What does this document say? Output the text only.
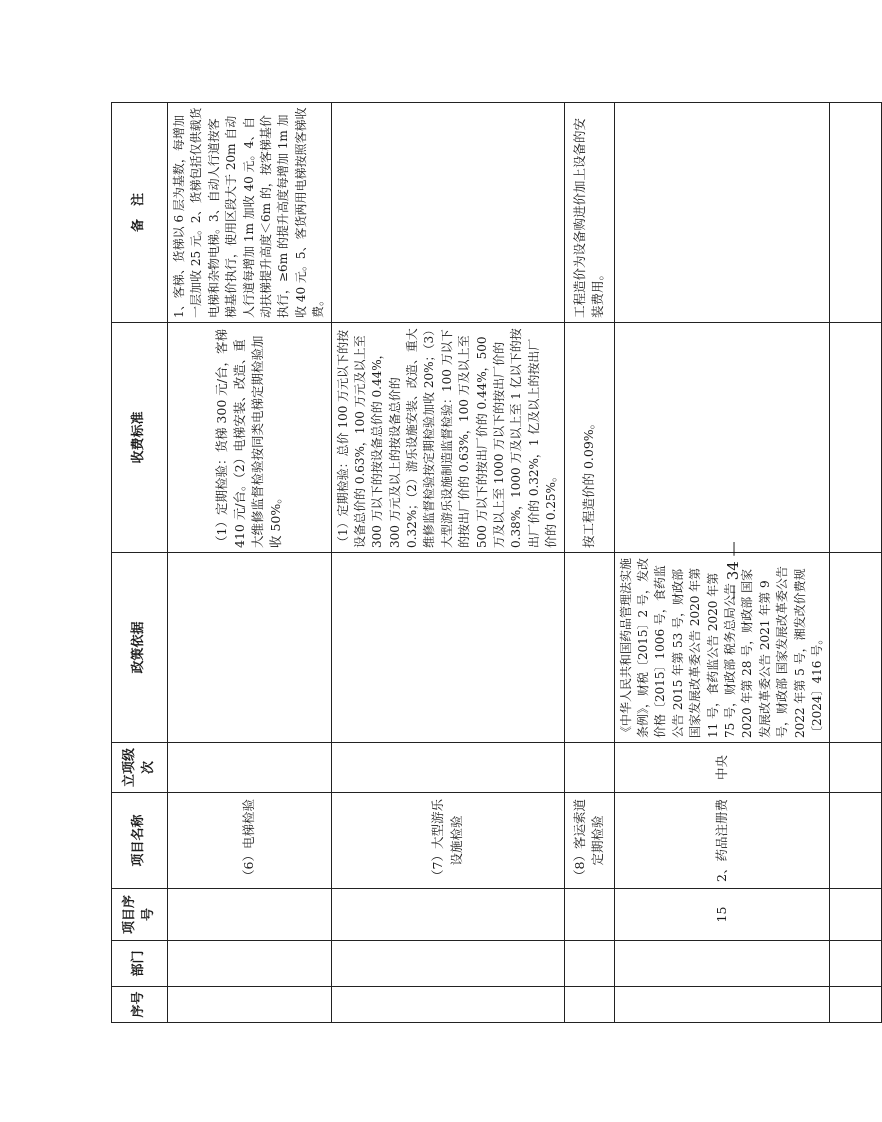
序号	部门	项目序号	项目名称	立项级次	政策依据	收费标准	备　注
			（6）电梯检验			（1）定期检验：货梯 300 元/台，客梯 410 元/台。（2）电梯安装、改造、重大维修监督检验按同类电梯定期检验加收 50%。	1、客梯、货梯以 6 层为基数，每增加一层加收 25 元。2、货梯包括仅供载货电梯和杂物电梯。3、自动人行道按客梯基价执行，使用区段大于 20m 自动人行道每增加 1m 加收 40 元。4、自动扶梯提升高度＜6m 的，按客梯基价执行，≥6m 的提升高度每增加 1m 加收 40 元。5、客货两用电梯按照客梯收费。
			（7）大型游乐设施检验			（1）定期检验：总价 100 万元以下的按设备总价的 0.63%，100 万元及以上至 300 万以下的按设备总价的 0.44%，300 万元及以上的按设备总价的 0.32%；（2）游乐设施安装、改造、重大维修监督检验按定期检验加收 20%；（3）大型游乐设施制造监督检验：100 万以下的按出厂价的 0.63%，100 万及以上至 500 万以下的按出厂价的 0.44%，500 万及以上至 1000 万以下的按出厂价的 0.38%，1000 万及以上至 1 亿以下的按出厂价的 0.32%，1 亿及以上的按出厂价的 0.25%。	
			（8）客运索道定期检验			按工程造价的 0.09%。	工程造价为设备购进价加上设备的安装费用。
		15	2、药品注册费	中央	《中华人民共和国药品管理法实施条例》，财税〔2015〕2 号，发改价格〔2015〕1006 号，食药监公告 2015 年第 53 号，财政部 国家发展改革委公告 2020 年第 11 号，食药监公告 2020 年第 75 号，财政部 税务总局公告 2020 年第 28 号，财政部 国家发展改革委公告 2021 年第 9 号，财政部 国家发展改革委公告 2022 年第 5 号，湘发改价费规〔2024〕416 号。		

— 34 —
